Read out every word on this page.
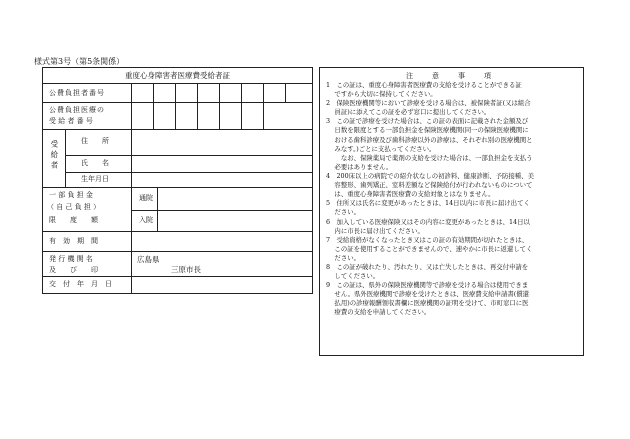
様式第3号（第5条関係）
重度心身障害者医療費受給者証
公費負担者番号
公費負担医療の
受 給 者 番 号
受給者	住　　所
氏　　名
生年月日
一 部 負 担 金
（ 自 己 負 担 ）
限　　度　　額
通院
入院
有　効　期　間
発 行 機 関 名
及　　び　　印
広島県
三原市長
交　付　年　月　日
注　意　事　項
1　この証は、重度心身障害者医療費の支給を受けることができる証
　 ですから大切に保持してください。
2　保険医療機関等において診療を受ける場合は、被保険者証(又は組合
　 員証)に添えてこの証を必ず窓口に提出してください。
3　この証で診療を受けた場合は、この証の表面に記載された金額及び
　 日数を限度とする一部負担金を保険医療機関(同一の保険医療機関に
　 おける歯科診療及び歯科診療以外の診療は、それぞれ別の医療機関と
　 みなす。)ごとに支払ってください。
　　 なお、保険薬局で薬剤の支給を受けた場合は、一部負担金を支払う
　 必要はありません。
4　200床以上の病院での紹介状なしの初診料、健康診断、予防接種、美
　 容整形、歯列矯正、室料差額など保険給付が行われないものについて
　 は、重度心身障害者医療費の支給対象とはなりません。
5　住所又は氏名に変更があったときは、14日以内に市長に届け出てく
　 ださい。
6　加入している医療保険又はその内容に変更があったときは、14日以
　 内に市長に届け出てください。
7　受給資格がなくなったとき又はこの証の有効期間が切れたときは、
　 この証を使用することができませんので、速やかに市長に返還してく
　 ださい。
8　この証が破れたり、汚れたり、又は亡失したときは、再交付申請を
　 してください。
9　この証は、県外の保険医療機関等で診療を受ける場合は使用できま
　 せん。県外医療機関で診療を受けたときは、医療費支給申請書(償還
　 払用)の診療報酬領収書欄に医療機関の証明を受けて、市町窓口に医
　 療費の支給を申請してください。
